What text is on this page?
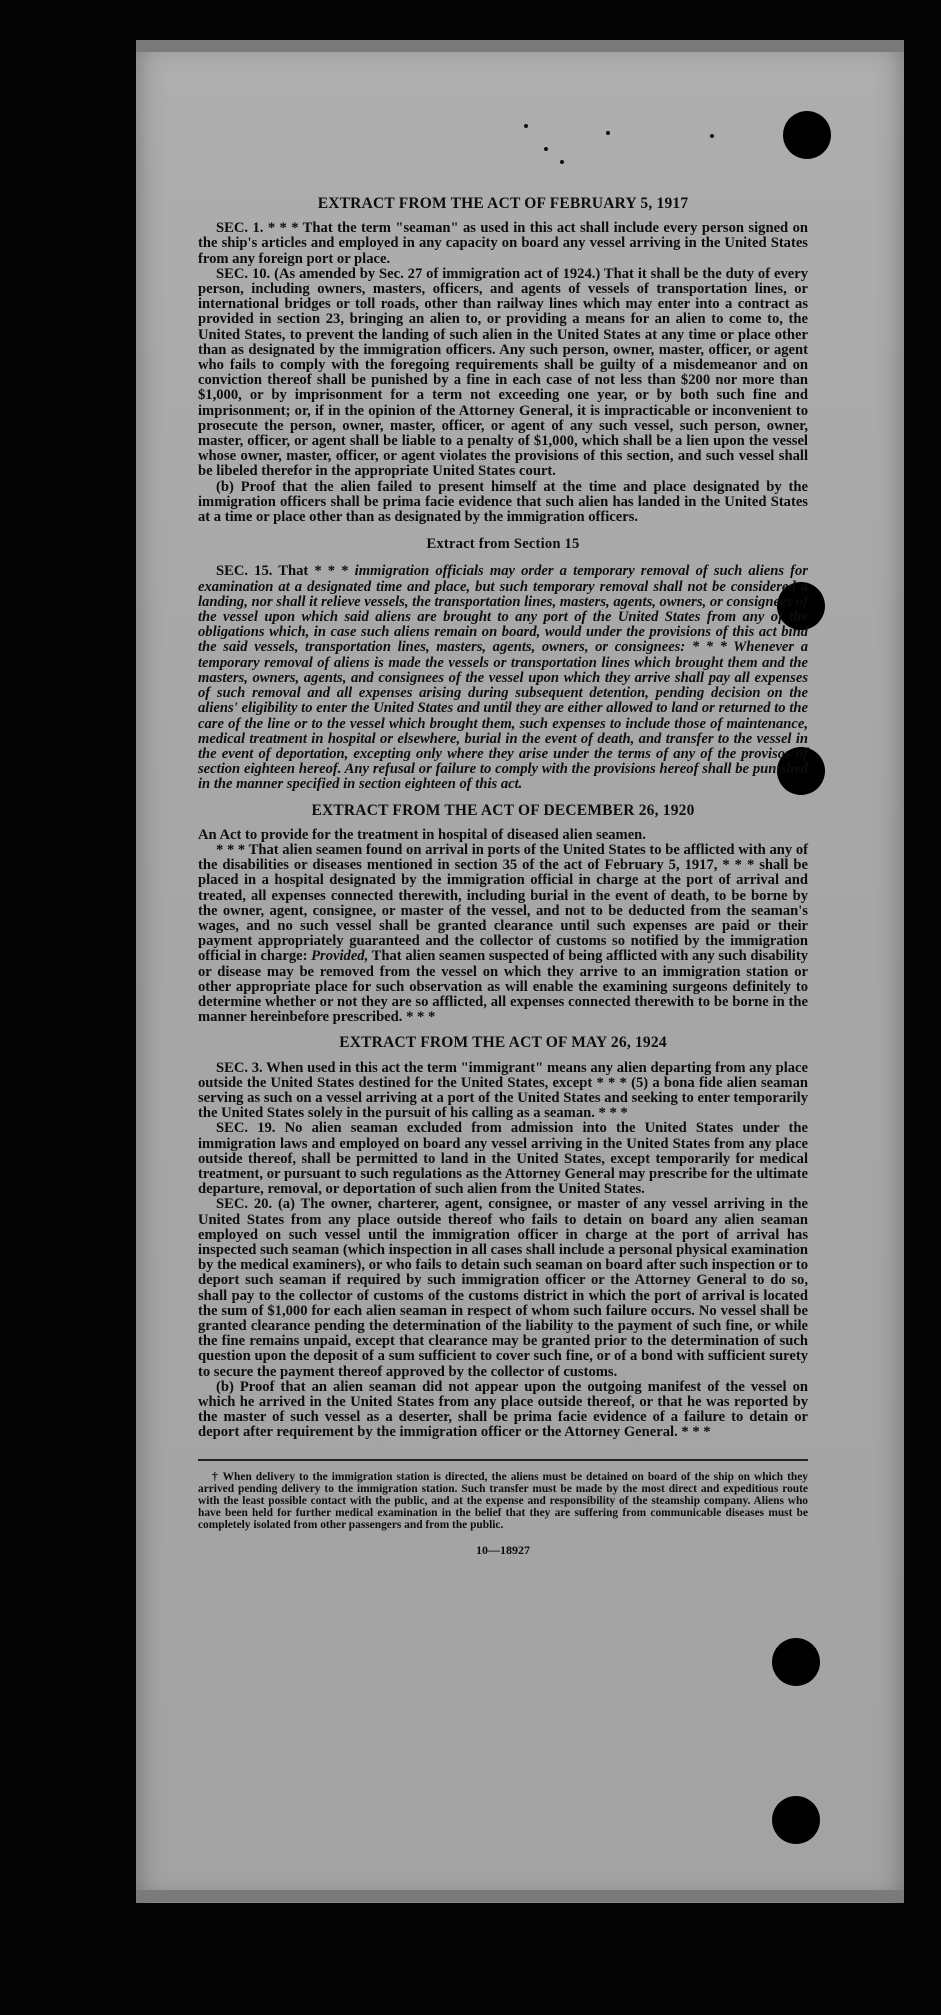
EXTRACT FROM THE ACT OF FEBRUARY 5, 1917

SEC. 1. * * * That the term "seaman" as used in this act shall include every person signed on the ship's articles and employed in any capacity on board any vessel arriving in the United States from any foreign port or place.

SEC. 10. (As amended by Sec. 27 of immigration act of 1924.) That it shall be the duty of every person, including owners, masters, officers, and agents of vessels of transportation lines, or international bridges or toll roads, other than railway lines which may enter into a contract as provided in section 23, bringing an alien to, or providing a means for an alien to come to, the United States, to prevent the landing of such alien in the United States at any time or place other than as designated by the immigration officers. Any such person, owner, master, officer, or agent who fails to comply with the foregoing requirements shall be guilty of a misdemeanor and on conviction thereof shall be punished by a fine in each case of not less than $200 nor more than $1,000, or by imprisonment for a term not exceeding one year, or by both such fine and imprisonment; or, if in the opinion of the Attorney General, it is impracticable or inconvenient to prosecute the person, owner, master, officer, or agent of any such vessel, such person, owner, master, officer, or agent shall be liable to a penalty of $1,000, which shall be a lien upon the vessel whose owner, master, officer, or agent violates the provisions of this section, and such vessel shall be libeled therefor in the appropriate United States court.

(b) Proof that the alien failed to present himself at the time and place designated by the immigration officers shall be prima facie evidence that such alien has landed in the United States at a time or place other than as designated by the immigration officers.

Extract from Section 15

SEC. 15. That * * * immigration officials may order a temporary removal of such aliens for examination at a designated time and place, but such temporary removal shall not be considered a landing, nor shall it relieve vessels, the transportation lines, masters, agents, owners, or consignees of the vessel upon which said aliens are brought to any port of the United States from any of the obligations which, in case such aliens remain on board, would under the provisions of this act bind the said vessels, transportation lines, masters, agents, owners, or consignees: * * * Whenever a temporary removal of aliens is made the vessels or transportation lines which brought them and the masters, owners, agents, and consignees of the vessel upon which they arrive shall pay all expenses of such removal and all expenses arising during subsequent detention, pending decision on the aliens' eligibility to enter the United States and until they are either allowed to land or returned to the care of the line or to the vessel which brought them, such expenses to include those of maintenance, medical treatment in hospital or elsewhere, burial in the event of death, and transfer to the vessel in the event of deportation, excepting only where they arise under the terms of any of the provisos of section eighteen hereof. Any refusal or failure to comply with the provisions hereof shall be punished in the manner specified in section eighteen of this act.

EXTRACT FROM THE ACT OF DECEMBER 26, 1920

An Act to provide for the treatment in hospital of diseased alien seamen.

* * * That alien seamen found on arrival in ports of the United States to be afflicted with any of the disabilities or diseases mentioned in section 35 of the act of February 5, 1917, * * * shall be placed in a hospital designated by the immigration official in charge at the port of arrival and treated, all expenses connected therewith, including burial in the event of death, to be borne by the owner, agent, consignee, or master of the vessel, and not to be deducted from the seaman's wages, and no such vessel shall be granted clearance until such expenses are paid or their payment appropriately guaranteed and the collector of customs so notified by the immigration official in charge: Provided, That alien seamen suspected of being afflicted with any such disability or disease may be removed from the vessel on which they arrive to an immigration station or other appropriate place for such observation as will enable the examining surgeons definitely to determine whether or not they are so afflicted, all expenses connected therewith to be borne in the manner hereinbefore prescribed. * * *

EXTRACT FROM THE ACT OF MAY 26, 1924

SEC. 3. When used in this act the term "immigrant" means any alien departing from any place outside the United States destined for the United States, except * * * (5) a bona fide alien seaman serving as such on a vessel arriving at a port of the United States and seeking to enter temporarily the United States solely in the pursuit of his calling as a seaman. * * *

SEC. 19. No alien seaman excluded from admission into the United States under the immigration laws and employed on board any vessel arriving in the United States from any place outside thereof, shall be permitted to land in the United States, except temporarily for medical treatment, or pursuant to such regulations as the Attorney General may prescribe for the ultimate departure, removal, or deportation of such alien from the United States.

SEC. 20. (a) The owner, charterer, agent, consignee, or master of any vessel arriving in the United States from any place outside thereof who fails to detain on board any alien seaman employed on such vessel until the immigration officer in charge at the port of arrival has inspected such seaman (which inspection in all cases shall include a personal physical examination by the medical examiners), or who fails to detain such seaman on board after such inspection or to deport such seaman if required by such immigration officer or the Attorney General to do so, shall pay to the collector of customs of the customs district in which the port of arrival is located the sum of $1,000 for each alien seaman in respect of whom such failure occurs. No vessel shall be granted clearance pending the determination of the liability to the payment of such fine, or while the fine remains unpaid, except that clearance may be granted prior to the determination of such question upon the deposit of a sum sufficient to cover such fine, or of a bond with sufficient surety to secure the payment thereof approved by the collector of customs.

(b) Proof that an alien seaman did not appear upon the outgoing manifest of the vessel on which he arrived in the United States from any place outside thereof, or that he was reported by the master of such vessel as a deserter, shall be prima facie evidence of a failure to detain or deport after requirement by the immigration officer or the Attorney General. * * *

† When delivery to the immigration station is directed, the aliens must be detained on board of the ship on which they arrived pending delivery to the immigration station. Such transfer must be made by the most direct and expeditious route with the least possible contact with the public, and at the expense and responsibility of the steamship company. Aliens who have been held for further medical examination in the belief that they are suffering from communicable diseases must be completely isolated from other passengers and from the public.

10—18927
